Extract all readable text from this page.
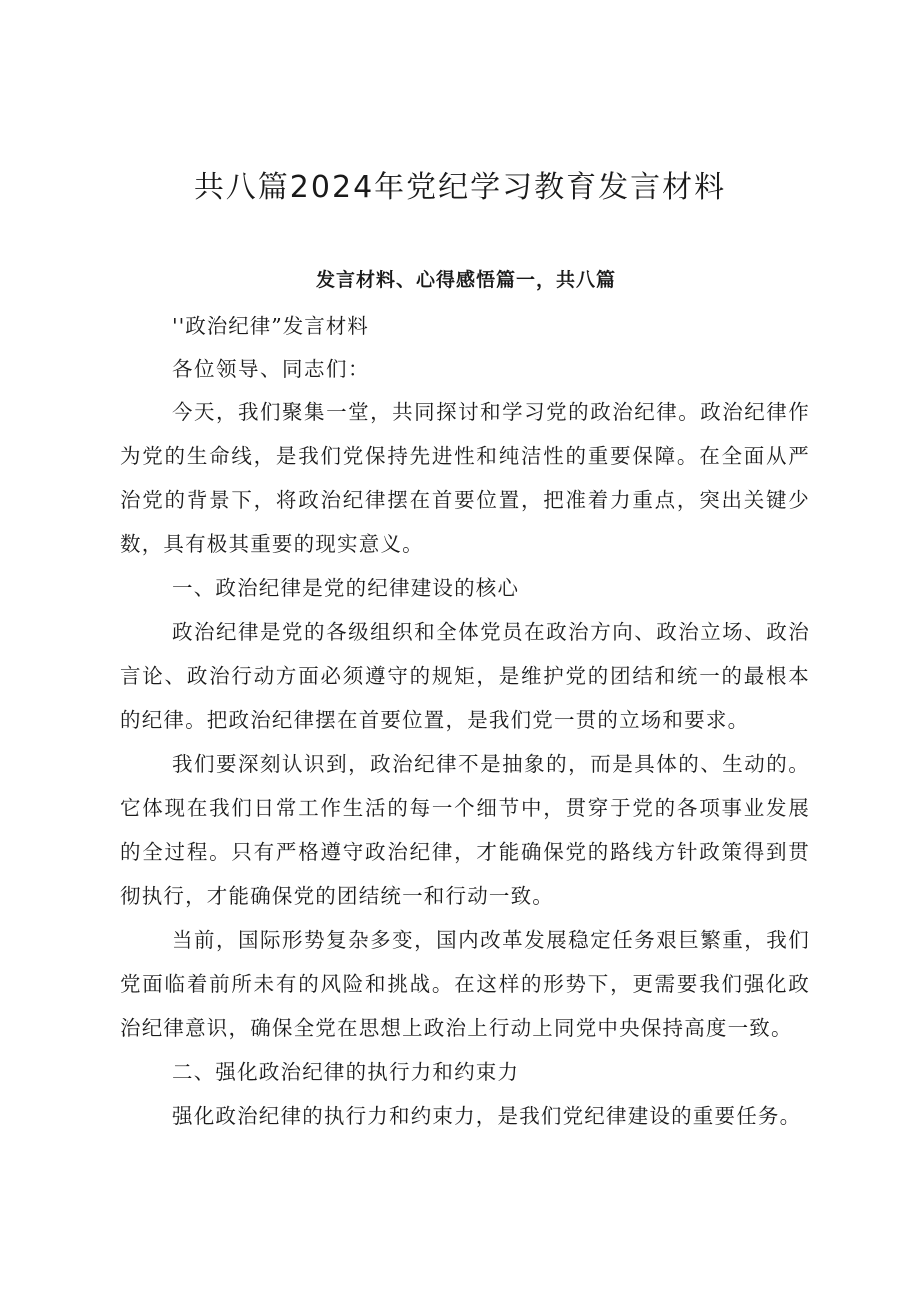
共八篇2024年党纪学习教育发言材料
发言材料、心得感悟篇一，共八篇
''政治纪律”发言材料
各位领导、同志们：

今天，我们聚集一堂，共同探讨和学习党的政治纪律。政治纪律作为党的生命线，是我们党保持先进性和纯洁性的重要保障。在全面从严治党的背景下，将政治纪律摆在首要位置，把准着力重点，突出关键少数，具有极其重要的现实意义。

一、政治纪律是党的纪律建设的核心

政治纪律是党的各级组织和全体党员在政治方向、政治立场、政治言论、政治行动方面必须遵守的规矩，是维护党的团结和统一的最根本的纪律。把政治纪律摆在首要位置，是我们党一贯的立场和要求。

我们要深刻认识到，政治纪律不是抽象的，而是具体的、生动的。它体现在我们日常工作生活的每一个细节中，贯穿于党的各项事业发展的全过程。只有严格遵守政治纪律，才能确保党的路线方针政策得到贯彻执行，才能确保党的团结统一和行动一致。

当前，国际形势复杂多变，国内改革发展稳定任务艰巨繁重，我们党面临着前所未有的风险和挑战。在这样的形势下，更需要我们强化政治纪律意识，确保全党在思想上政治上行动上同党中央保持高度一致。

二、强化政治纪律的执行力和约束力

强化政治纪律的执行力和约束力，是我们党纪律建设的重要任务。
